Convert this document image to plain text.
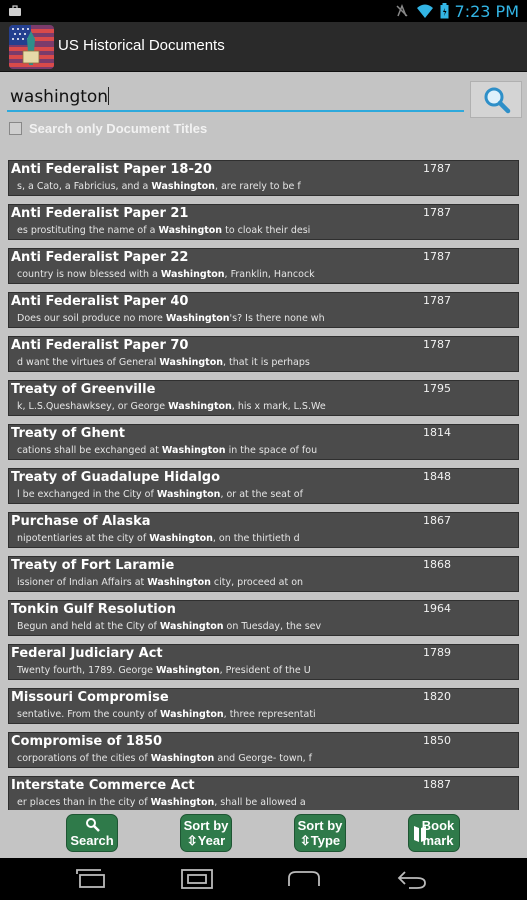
7:23 PM
US Historical Documents
washington
Search only Document Titles
Anti Federalist Paper 18-20	1787
s, a Cato, a Fabricius, and a Washington, are rarely to be f
Anti Federalist Paper 21	1787
es prostituting the name of a Washington to cloak their desi
Anti Federalist Paper 22	1787
country is now blessed with a Washington, Franklin, Hancock
Anti Federalist Paper 40	1787
Does our soil produce no more Washington's? Is there none wh
Anti Federalist Paper 70	1787
d want the virtues of General Washington, that it is perhaps
Treaty of Greenville	1795
k, L.S.Queshawksey, or George Washington, his x mark, L.S.We
Treaty of Ghent	1814
cations shall be exchanged at Washington in the space of fou
Treaty of Guadalupe Hidalgo	1848
l be exchanged in the City of Washington, or at the seat of
Purchase of Alaska	1867
nipotentiaries at the city of Washington, on the thirtieth d
Treaty of Fort Laramie	1868
issioner of Indian Affairs at Washington city, proceed at on
Tonkin Gulf Resolution	1964
Begun and held at the City of Washington on Tuesday, the sev
Federal Judiciary Act	1789
Twenty fourth, 1789. George Washington, President of the U
Missouri Compromise	1820
sentative. From the county of Washington, three representati
Compromise of 1850	1850
corporations of the cities of Washington and George- town, f
Interstate Commerce Act	1887
er places than in the city of Washington, shall be allowed a
Search
Sort by
⇳Year
Sort by
⇳Type
Book
mark
